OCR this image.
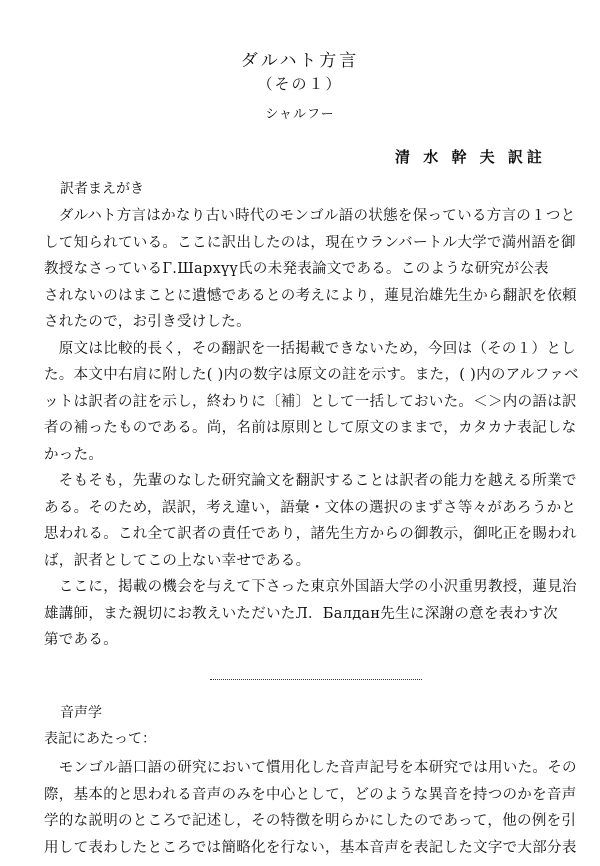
ダルハト方言
（その１）
シャルフー
清 水 幹 夫 訳註
訳者まえがき
　ダルハト方言はかなり古い時代のモンゴル語の状態を保っている方言の１つと
して知られている。ここに訳出したのは，現在ウランバートル大学で満州語を御
教授なさっているГ.Шархүү氏の未発表論文である。このような研究が公表
されないのはまことに遺憾であるとの考えにより，蓮見治雄先生から翻訳を依頼
されたので，お引き受けした。
　原文は比較的長く，その翻訳を一括掲載できないため，今回は（その１）とし
た。本文中右肩に附した( )内の数字は原文の註を示す。また，( )内のアルファベ
ットは訳者の註を示し，終わりに〔補〕として一括しておいた。＜＞内の語は訳
者の補ったものである。尚，名前は原則として原文のままで，カタカナ表記しな
かった。
　そもそも，先輩のなした研究論文を翻訳することは訳者の能力を越える所業で
ある。そのため，誤訳，考え違い，語彙・文体の選択のまずさ等々があろうかと
思われる。これ全て訳者の責任であり，諸先生方からの御教示，御叱正を賜われ
ば，訳者としてこの上ない幸せである。
　ここに，掲載の機会を与えて下さった東京外国語大学の小沢重男教授，蓮見治
雄講師，また親切にお教えいただいたЛ．Балдан先生に深謝の意を表わす次
第である。
音声学
表記にあたって：
　モンゴル語口語の研究において慣用化した音声記号を本研究では用いた。その
際，基本的と思われる音声のみを中心として，どのような異音を持つのかを音声
学的な説明のところで記述し，その特徴を明らかにしたのであって，他の例を引
用して表わしたところでは簡略化を行ない，基本音声を表記した文字で大部分表
